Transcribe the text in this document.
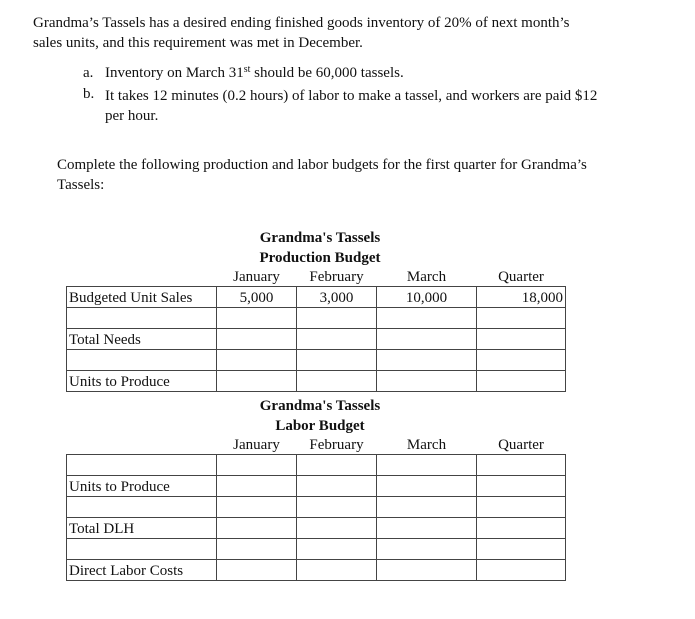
Grandma’s Tassels has a desired ending finished goods inventory of 20% of next month’s
sales units, and this requirement was met in December.
a. Inventory on March 31st should be 60,000 tassels.
b. It takes 12 minutes (0.2 hours) of labor to make a tassel, and workers are paid $12
per hour.
Complete the following production and labor budgets for the first quarter for Grandma’s
Tassels:
Grandma's Tassels
Production Budget
	January	February	March	Quarter
Budgeted Unit Sales	5,000	3,000	10,000	18,000

Total Needs				

Units to Produce				
Grandma's Tassels
Labor Budget
	January	February	March	Quarter

Units to Produce				

Total DLH				

Direct Labor Costs				
